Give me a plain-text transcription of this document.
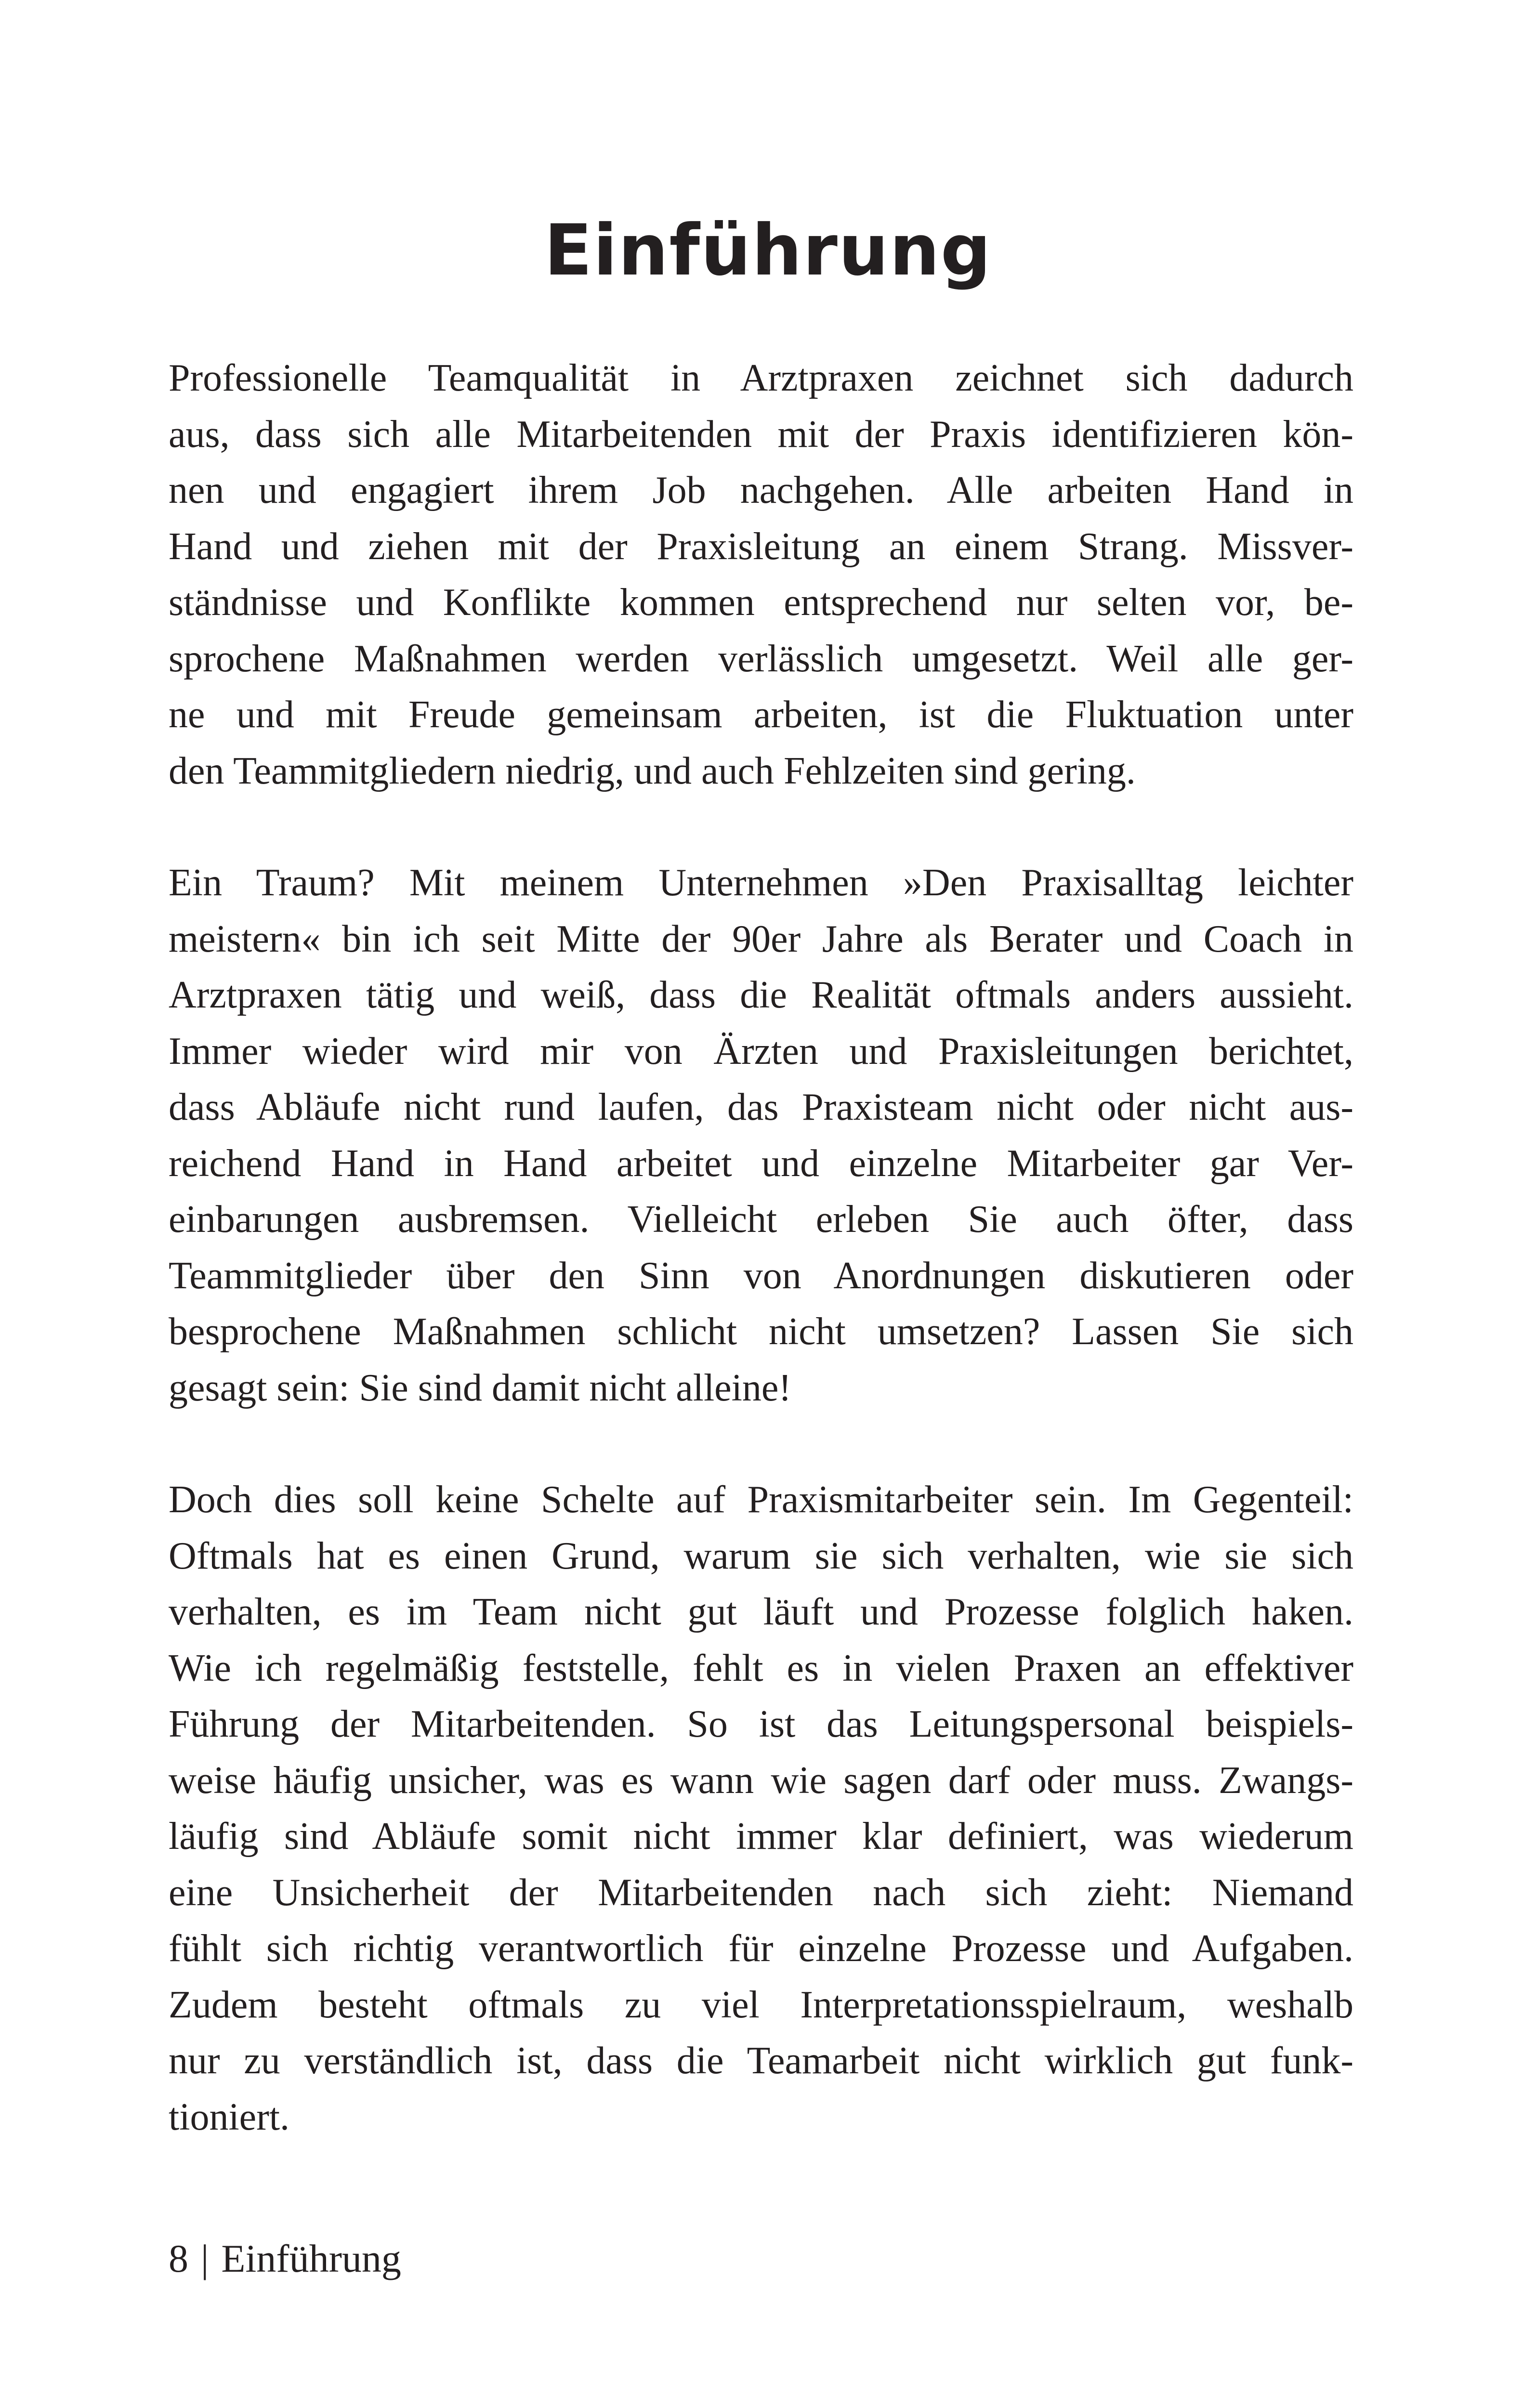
Einführung
Professionelle Teamqualität in Arztpraxen zeichnet sich dadurch
aus, dass sich alle Mitarbeitenden mit der Praxis identifizieren kön-
nen und engagiert ihrem Job nachgehen. Alle arbeiten Hand in
Hand und ziehen mit der Praxisleitung an einem Strang. Missver-
ständnisse und Konflikte kommen entsprechend nur selten vor, be-
sprochene Maßnahmen werden verlässlich umgesetzt. Weil alle ger-
ne und mit Freude gemeinsam arbeiten, ist die Fluktuation unter
den Teammitgliedern niedrig, und auch Fehlzeiten sind gering.
Ein Traum? Mit meinem Unternehmen »Den Praxisalltag leichter
meistern« bin ich seit Mitte der 90er Jahre als Berater und Coach in
Arztpraxen tätig und weiß, dass die Realität oftmals anders aussieht.
Immer wieder wird mir von Ärzten und Praxisleitungen berichtet,
dass Abläufe nicht rund laufen, das Praxisteam nicht oder nicht aus-
reichend Hand in Hand arbeitet und einzelne Mitarbeiter gar Ver-
einbarungen ausbremsen. Vielleicht erleben Sie auch öfter, dass
Teammitglieder über den Sinn von Anordnungen diskutieren oder
besprochene Maßnahmen schlicht nicht umsetzen? Lassen Sie sich
gesagt sein: Sie sind damit nicht alleine!
Doch dies soll keine Schelte auf Praxismitarbeiter sein. Im Gegenteil:
Oftmals hat es einen Grund, warum sie sich verhalten, wie sie sich
verhalten, es im Team nicht gut läuft und Prozesse folglich haken.
Wie ich regelmäßig feststelle, fehlt es in vielen Praxen an effektiver
Führung der Mitarbeitenden. So ist das Leitungspersonal beispiels-
weise häufig unsicher, was es wann wie sagen darf oder muss. Zwangs-
läufig sind Abläufe somit nicht immer klar definiert, was wiederum
eine Unsicherheit der Mitarbeitenden nach sich zieht: Niemand
fühlt sich richtig verantwortlich für einzelne Prozesse und Aufgaben.
Zudem besteht oftmals zu viel Interpretationsspielraum, weshalb
nur zu verständlich ist, dass die Teamarbeit nicht wirklich gut funk-
tioniert.
8 | Einführung
